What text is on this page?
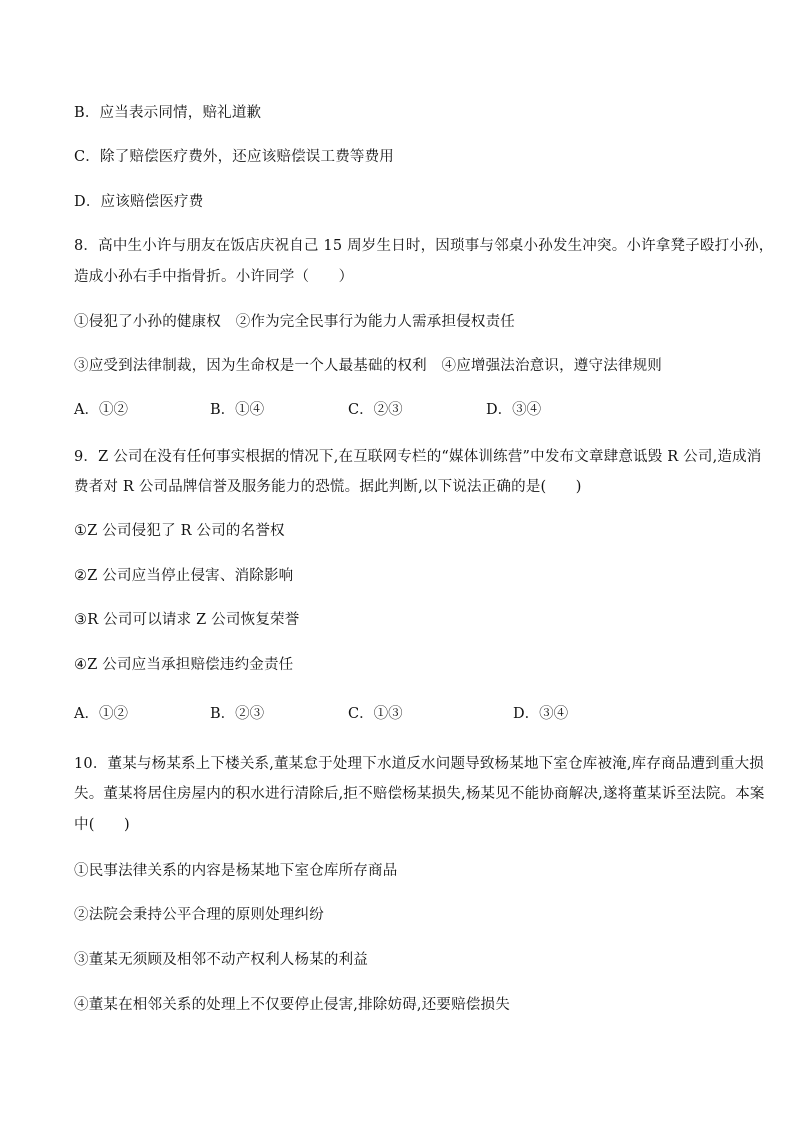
B．应当表示同情，赔礼道歉
C．除了赔偿医疗费外，还应该赔偿误工费等费用
D．应该赔偿医疗费
8．高中生小许与朋友在饭店庆祝自己 15 周岁生日时，因琐事与邻桌小孙发生冲突。小许拿凳子殴打小孙，
造成小孙右手中指骨折。小许同学（　　）
①侵犯了小孙的健康权　②作为完全民事行为能力人需承担侵权责任
③应受到法律制裁，因为生命权是一个人最基础的权利　④应增强法治意识，遵守法律规则
A．①②	B．①④	C．②③	D．③④
9．Z 公司在没有任何事实根据的情况下,在互联网专栏的“媒体训练营”中发布文章肆意诋毁 R 公司,造成消
费者对 R 公司品牌信誉及服务能力的恐慌。据此判断,以下说法正确的是(　　)
①Z 公司侵犯了 R 公司的名誉权
②Z 公司应当停止侵害、消除影响
③R 公司可以请求 Z 公司恢复荣誉
④Z 公司应当承担赔偿违约金责任
A．①②	B．②③	C．①③	D．③④
10．董某与杨某系上下楼关系,董某怠于处理下水道反水问题导致杨某地下室仓库被淹,库存商品遭到重大损
失。董某将居住房屋内的积水进行清除后,拒不赔偿杨某损失,杨某见不能协商解决,遂将董某诉至法院。本案
中(　　)
①民事法律关系的内容是杨某地下室仓库所存商品
②法院会秉持公平合理的原则处理纠纷
③董某无须顾及相邻不动产权利人杨某的利益
④董某在相邻关系的处理上不仅要停止侵害,排除妨碍,还要赔偿损失
